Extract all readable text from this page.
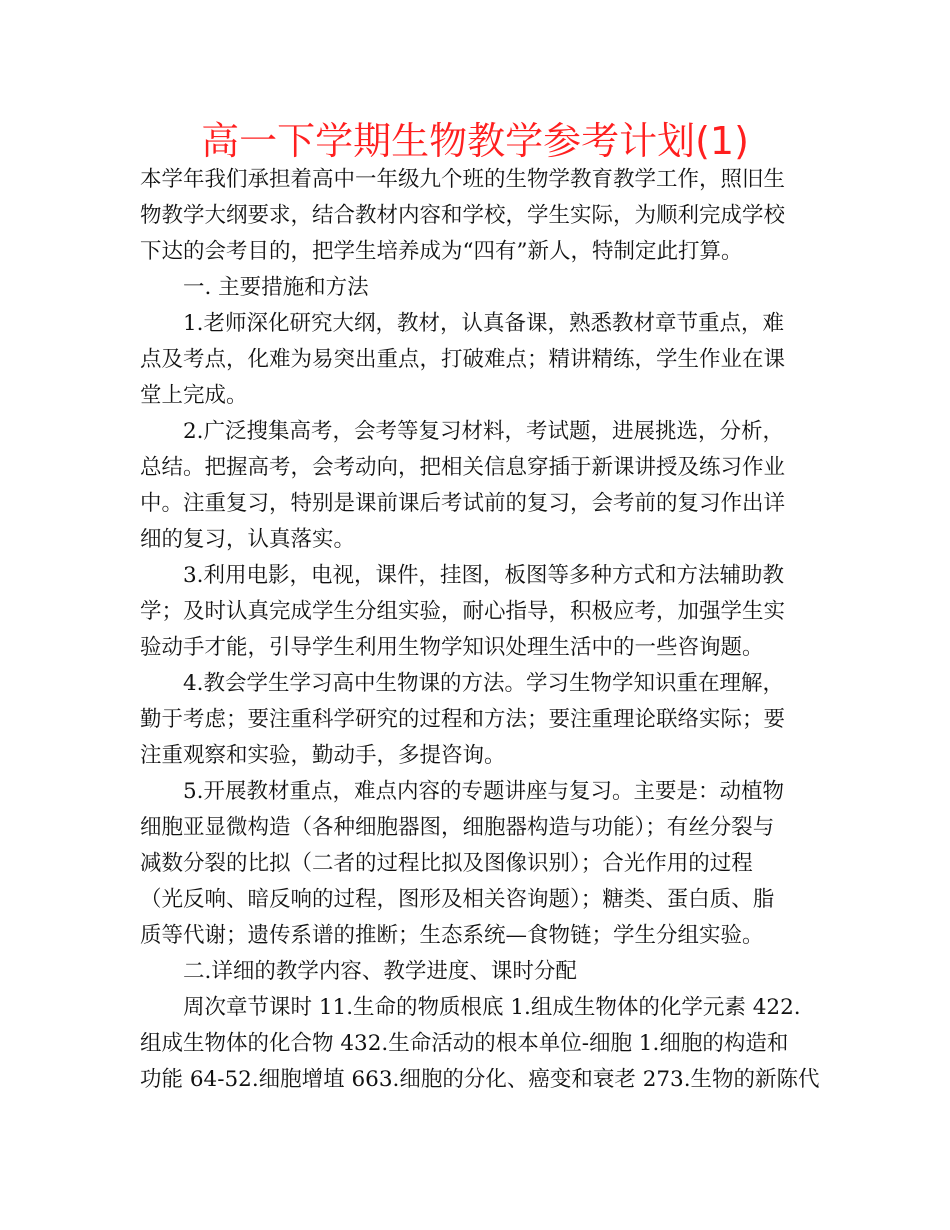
高一下学期生物教学参考计划(1)
本学年我们承担着高中一年级九个班的生物学教育教学工作，照旧生
物教学大纲要求，结合教材内容和学校，学生实际，为顺利完成学校
下达的会考目的，把学生培养成为“四有”新人，特制定此打算。
一. 主要措施和方法
1.老师深化研究大纲，教材，认真备课，熟悉教材章节重点，难
点及考点，化难为易突出重点，打破难点；精讲精练，学生作业在课
堂上完成。
2.广泛搜集高考，会考等复习材料，考试题，进展挑选，分析，
总结。把握高考，会考动向，把相关信息穿插于新课讲授及练习作业
中。注重复习，特别是课前课后考试前的复习，会考前的复习作出详
细的复习，认真落实。
3.利用电影，电视，课件，挂图，板图等多种方式和方法辅助教
学；及时认真完成学生分组实验，耐心指导，积极应考，加强学生实
验动手才能，引导学生利用生物学知识处理生活中的一些咨询题。
4.教会学生学习高中生物课的方法。学习生物学知识重在理解，
勤于考虑；要注重科学研究的过程和方法；要注重理论联络实际；要
注重观察和实验，勤动手，多提咨询。
5.开展教材重点，难点内容的专题讲座与复习。主要是：动植物
细胞亚显微构造（各种细胞器图，细胞器构造与功能）；有丝分裂与
减数分裂的比拟（二者的过程比拟及图像识别）；合光作用的过程
（光反响、暗反响的过程，图形及相关咨询题）；糖类、蛋白质、脂
质等代谢；遗传系谱的推断；生态系统—食物链；学生分组实验。
二.详细的教学内容、教学进度、课时分配
周次章节课时 11.生命的物质根底 1.组成生物体的化学元素 422.
组成生物体的化合物 432.生命活动的根本单位-细胞 1.细胞的构造和
功能 64-52.细胞增埴 663.细胞的分化、癌变和衰老 273.生物的新陈代
